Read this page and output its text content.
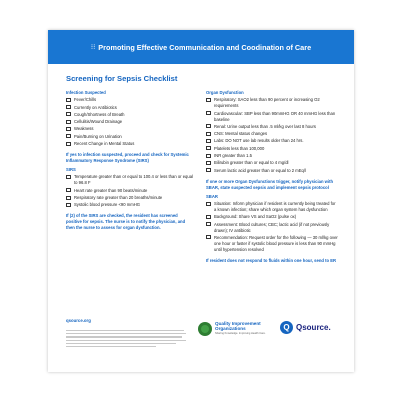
⁝⁝ Promoting Effective Communication and Coodination of Care
Screening for Sepsis Checklist
Infection Suspected
Fever/Chills
Currently on Antibiotics
Cough/Shortness of Breath
Cellulitis/Wound Drainage
Weakness
Pain/Burning on Urination
Recent Change in Mental Status
If yes to infection suspected, proceed and check for Systemic Inflammatory Response Syndrome (SIRS)
SIRS
Temperature greater than or equal to 100.4 or less than or equal to 96.8 F
Heart rate greater than 90 beats/minute
Respiratory rate greater than 20 breaths/minute
Systolic blood pressure <90 mmHG
If (2) of the SIRS are checked, the resident has screened positive for sepsis. The nurse is to notify the physician, and then the nurse to assess for organ dysfunction.
Organ Dysfunction
Respiratory: SAO2 less than 90 percent or increasing O2 requirements
Cardiovascular: SBP less than 90mmHG OR 40 mmHG less than baseline
Renal: Urine output less than .5 ml/kg over last 8 hours
CNS: Mental status changes
Labs: DO NOT use lab results older than 24 hrs.
Platelets less than 100,000
INR greater than 1.5
Bilirubin greater than or equal to 4 mg/dl
Serum lactic acid greater than or equal to 2 mEq/l
If one or more Organ Dysfunctions trigger, notify physician with SBAR, state suspected sepsis and implement sepsis protocol
SBAR
Situation: Inform physician if resident is currently being treated for a known infection; share which organ system has dysfunction
Background: Share VS and SaO2 (pulse ox)
Assessment: Blood cultures; CBC; lactic acid (if not previously drawn); IV antibiotic
Recommendation: Request order for the following — 30 ml/kg over one hour or faster if systolic blood pressure is less than 90 mmHg until hypertension resolved
If resident does not respond to fluids within one hour, send to ER
qsource.org
Quality Improvement
Organizations
Sharing Knowledge. Improving Health Care.
Q Qsource.
